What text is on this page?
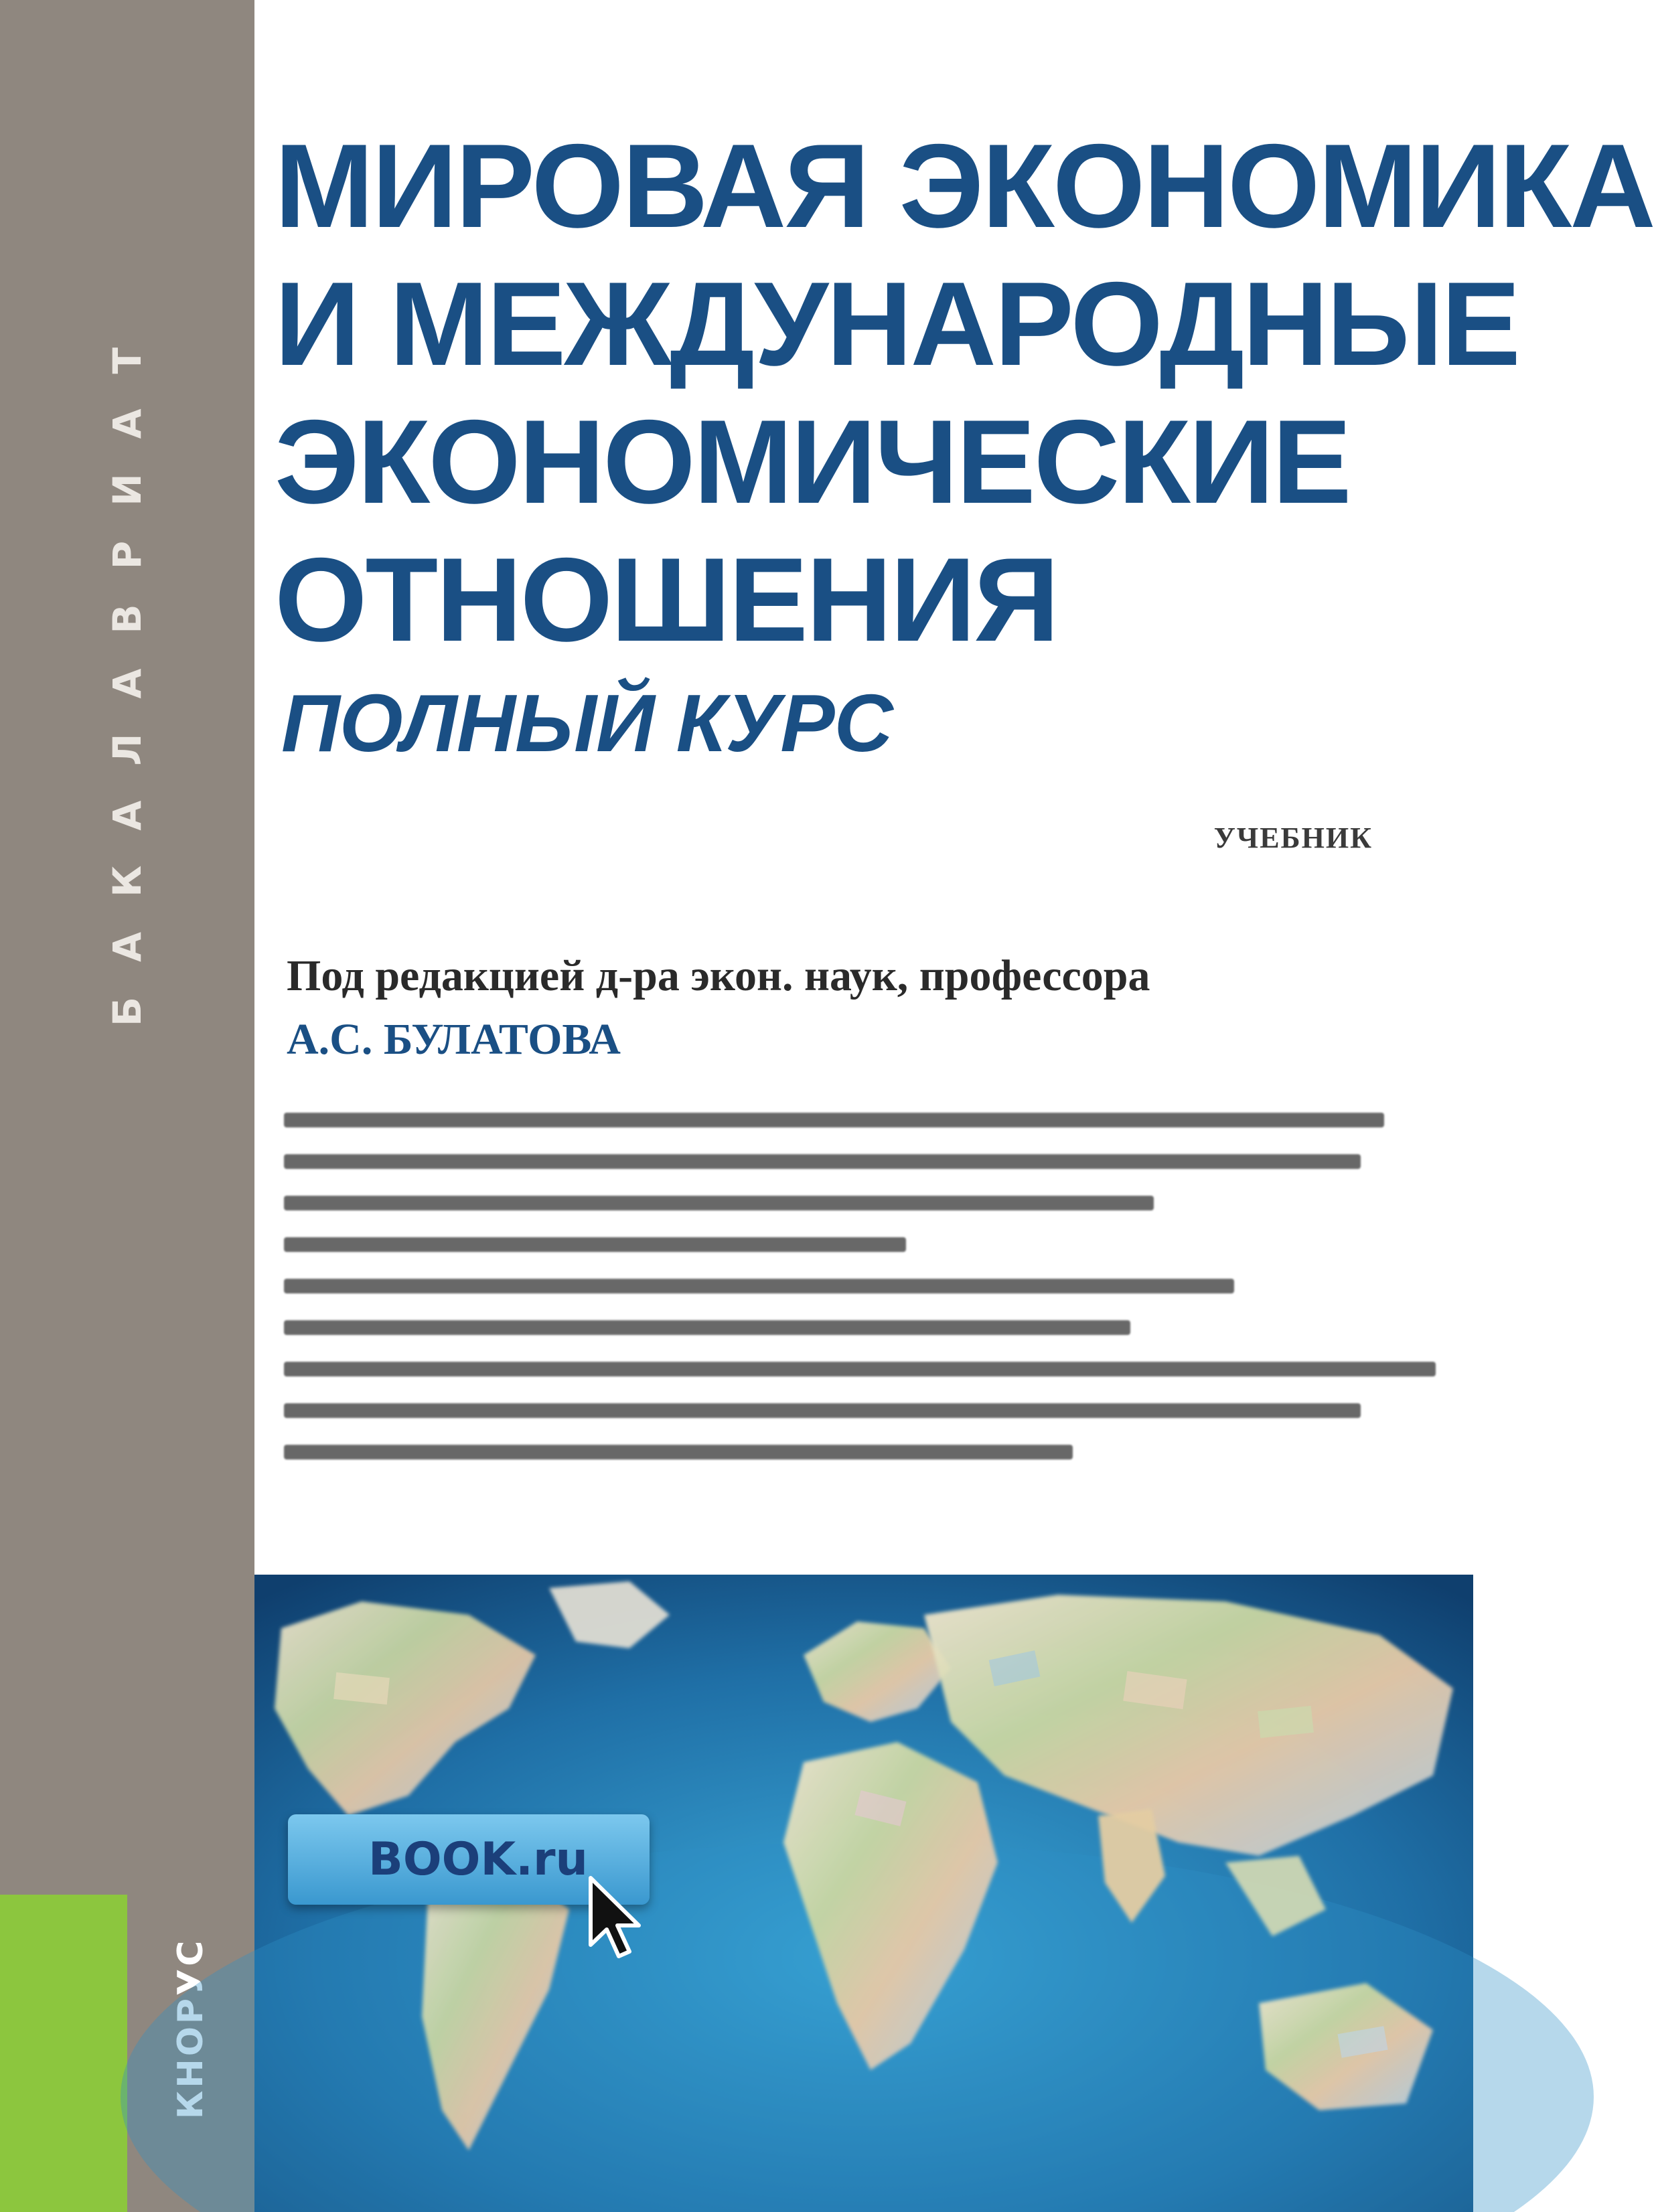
БАКАЛАВРИАТ
КНОРУС
МИРОВАЯ ЭКОНОМИКА
И МЕЖДУНАРОДНЫЕ
ЭКОНОМИЧЕСКИЕ
ОТНОШЕНИЯ
ПОЛНЫЙ КУРС
УЧЕБНИК
Под редакцией д-ра экон. наук, профессора
А.С. БУЛАТОВА
BOOK.ru
